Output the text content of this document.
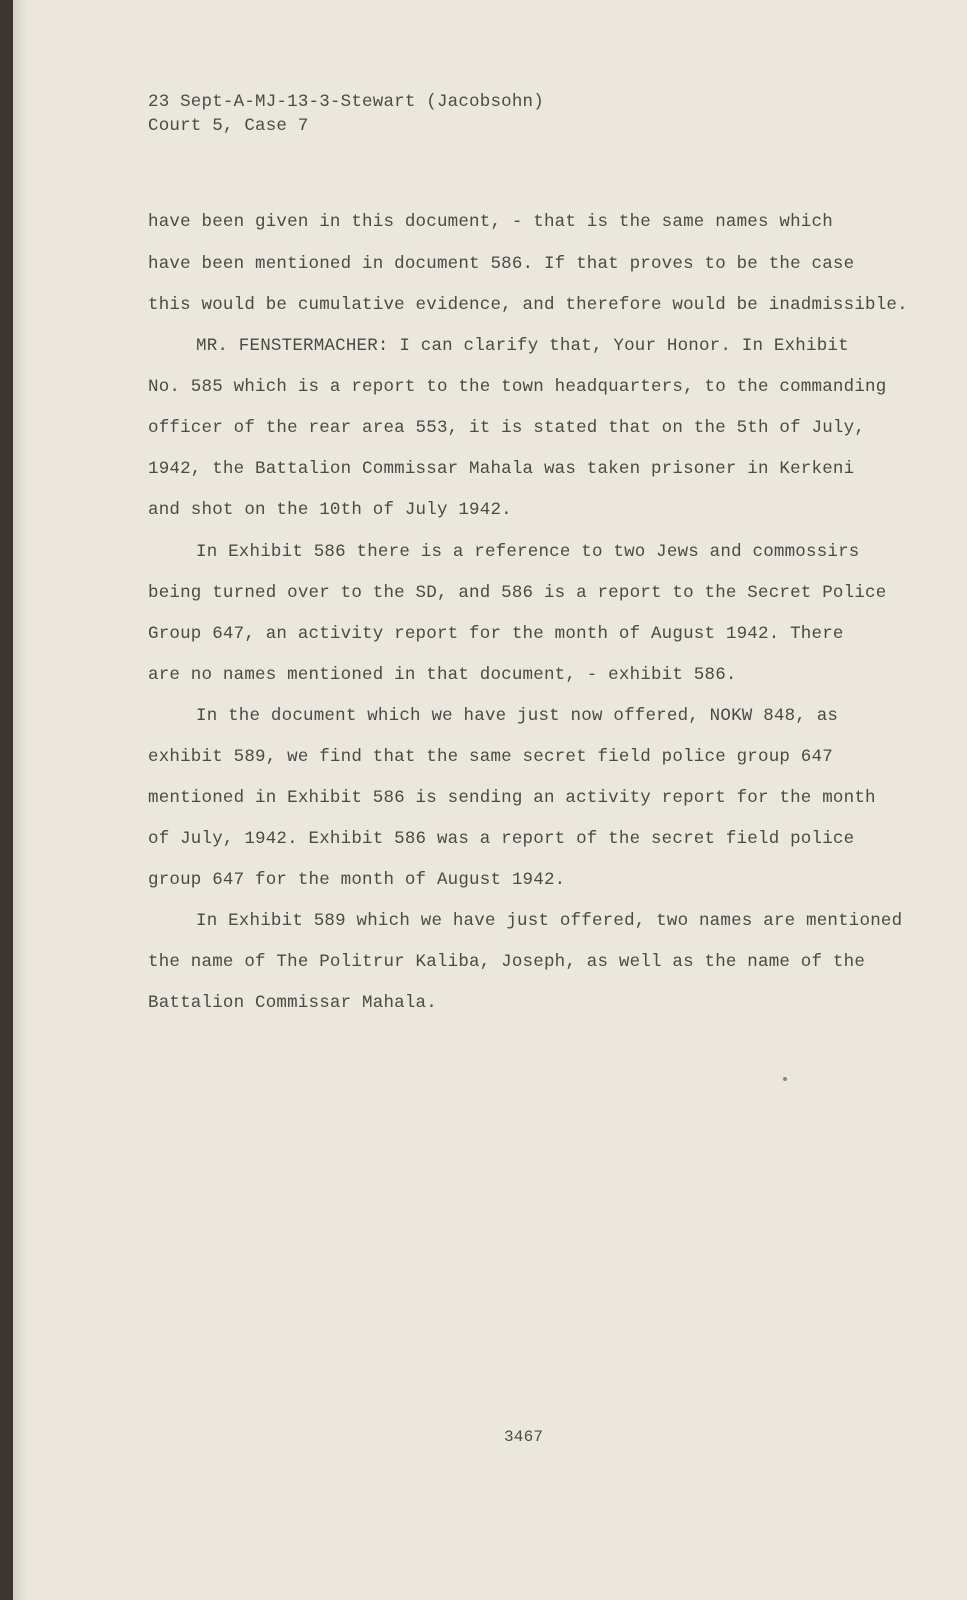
23 Sept-A-MJ-13-3-Stewart (Jacobsohn)
Court 5, Case 7
have been given in this document, - that is the same names which
have been mentioned in document 586. If that proves to be the case
this would be cumulative evidence, and therefore would be inadmissible.
MR. FENSTERMACHER: I can clarify that, Your Honor. In Exhibit
No. 585 which is a report to the town headquarters, to the commanding
officer of the rear area 553, it is stated that on the 5th of July,
1942, the Battalion Commissar Mahala was taken prisoner in Kerkeni
and shot on the 10th of July 1942.
In Exhibit 586 there is a reference to two Jews and commossirs
being turned over to the SD, and 586 is a report to the Secret Police
Group 647, an activity report for the month of August 1942. There
are no names mentioned in that document, - exhibit 586.
In the document which we have just now offered, NOKW 848, as
exhibit 589, we find that the same secret field police group 647
mentioned in Exhibit 586 is sending an activity report for the month
of July, 1942. Exhibit 586 was a report of the secret field police
group 647 for the month of August 1942.
In Exhibit 589 which we have just offered, two names are mentioned
the name of The Politrur Kaliba, Joseph, as well as the name of the
Battalion Commissar Mahala.
3467
